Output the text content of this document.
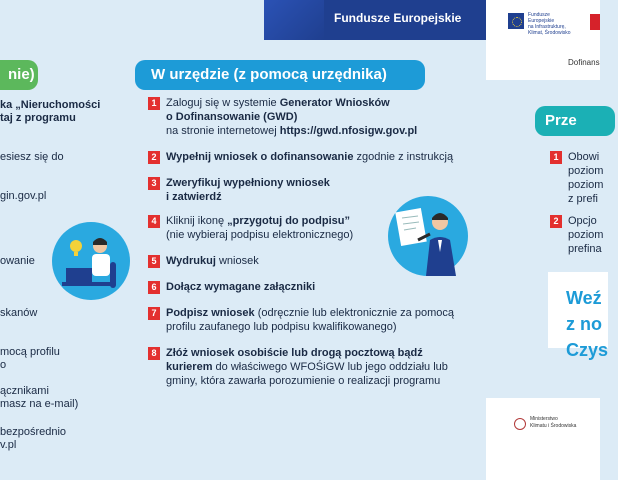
Fundusze Europejskie	Fundusze Europejskie
na Infrastrukturę,
Klimat, Środowisko
Dofinans
nie)
ka „Nieruchomości
taj z programu
esiesz się do
gin.gov.pl
owanie
skanów
mocą profilu
o
ącznikami
masz na e-mail)
bezpośrednio
v.pl
W urzędzie (z pomocą urzędnika)
1 Zaloguj się w systemie Generator Wniosków
o Dofinansowanie (GWD)
na stronie internetowej https://gwd.nfosigw.gov.pl
2 Wypełnij wniosek o dofinansowanie zgodnie z instrukcją
3 Zweryfikuj wypełniony wniosek
i zatwierdź
4 Kliknij ikonę „przygotuj do podpisu”
(nie wybieraj podpisu elektronicznego)
5 Wydrukuj wniosek
6 Dołącz wymagane załączniki
7 Podpisz wniosek (odręcznie lub elektronicznie za pomocą
profilu zaufanego lub podpisu kwalifikowanego)
8 Złóż wniosek osobiście lub drogą pocztową bądź
kurierem do właściwego WFOŚiGW lub jego oddziału lub
gminy, która zawarła porozumienie o realizacji programu
Prze
1 Obowi
poziom
poziom
z prefi
2 Opcjo
poziom
prefina
Weź
z no
Czys
Ministerstwo
Klimatu i Środowiska
